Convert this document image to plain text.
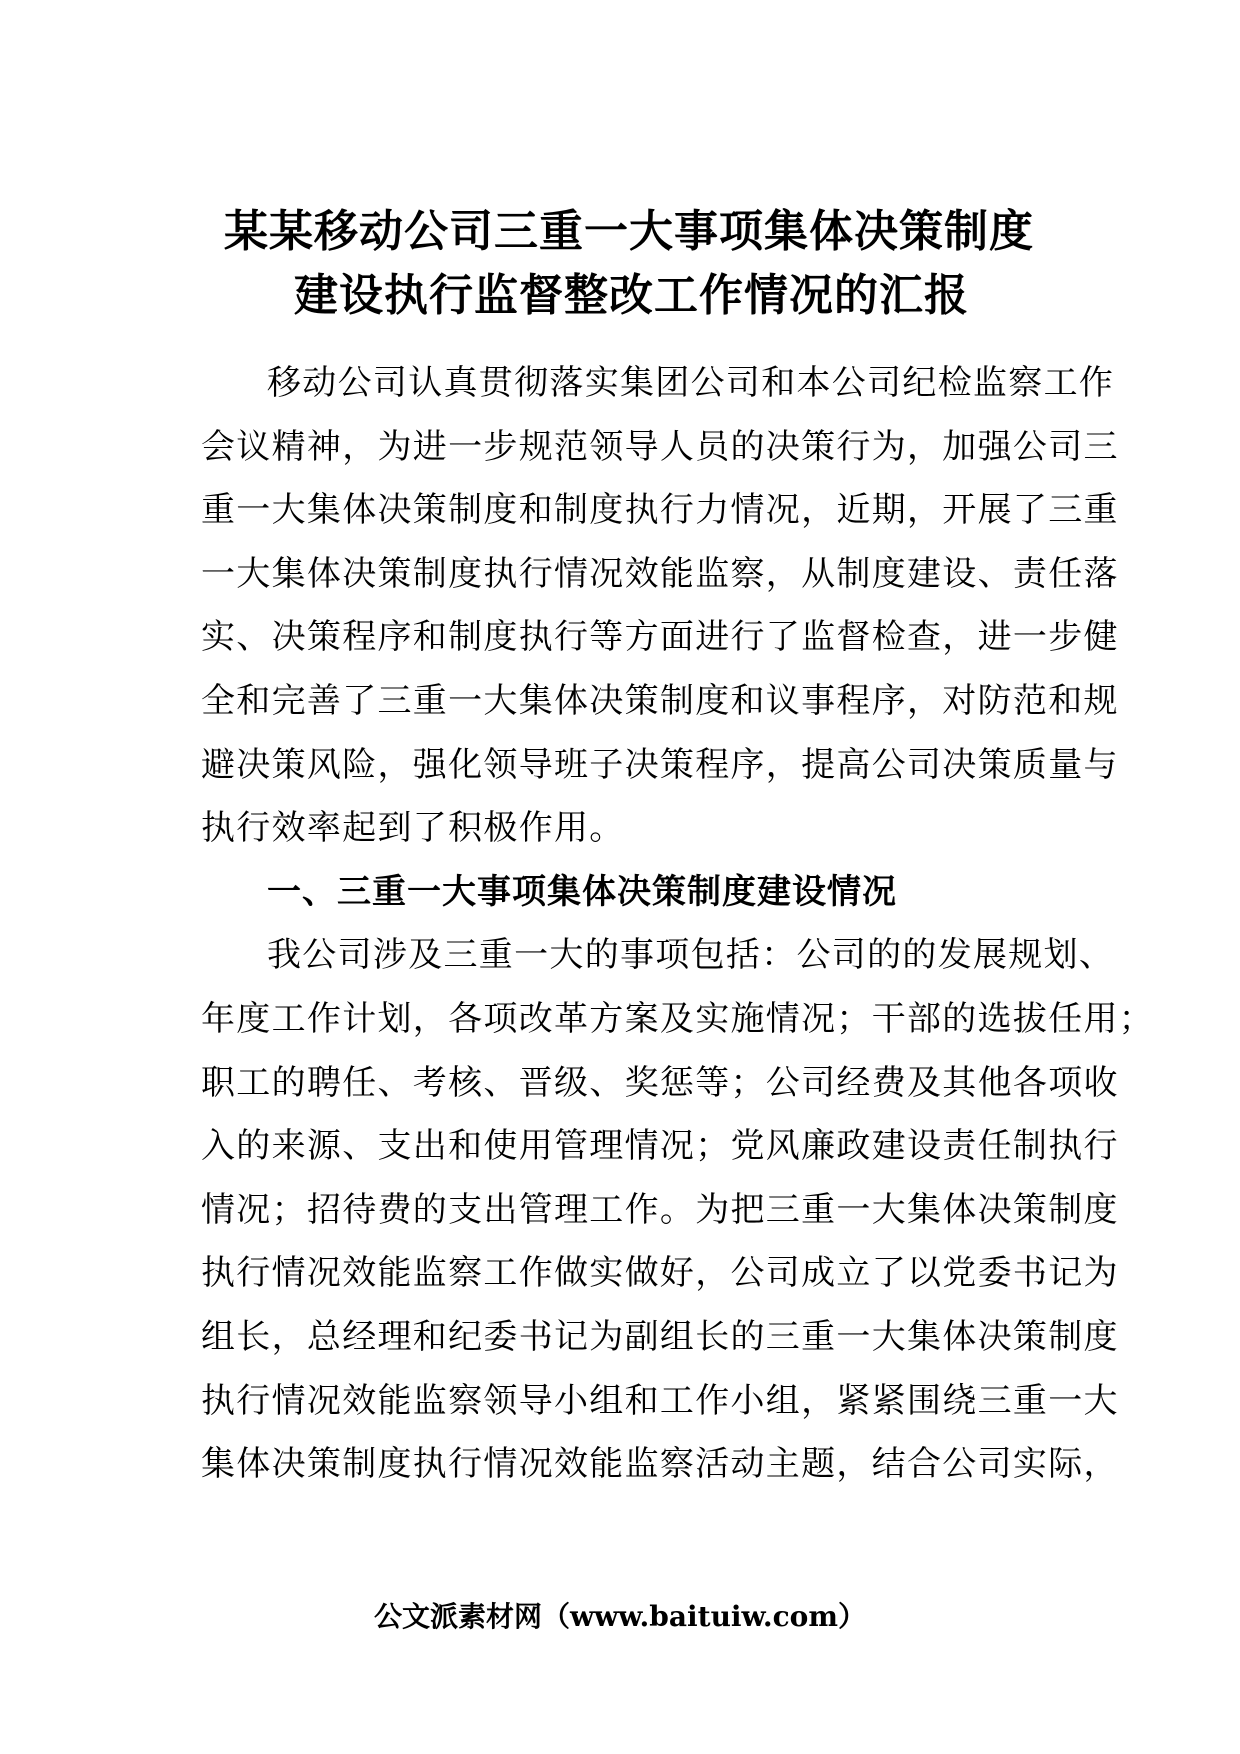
某某移动公司三重一大事项集体决策制度
建设执行监督整改工作情况的汇报
移动公司认真贯彻落实集团公司和本公司纪检监察工作
会议精神，为进一步规范领导人员的决策行为，加强公司三
重一大集体决策制度和制度执行力情况，近期，开展了三重
一大集体决策制度执行情况效能监察，从制度建设、责任落
实、决策程序和制度执行等方面进行了监督检查，进一步健
全和完善了三重一大集体决策制度和议事程序，对防范和规
避决策风险，强化领导班子决策程序，提高公司决策质量与
执行效率起到了积极作用。
一、三重一大事项集体决策制度建设情况
我公司涉及三重一大的事项包括：公司的的发展规划、
年度工作计划，各项改革方案及实施情况；干部的选拔任用；
职工的聘任、考核、晋级、奖惩等；公司经费及其他各项收
入的来源、支出和使用管理情况；党风廉政建设责任制执行
情况；招待费的支出管理工作。为把三重一大集体决策制度
执行情况效能监察工作做实做好，公司成立了以党委书记为
组长，总经理和纪委书记为副组长的三重一大集体决策制度
执行情况效能监察领导小组和工作小组，紧紧围绕三重一大
集体决策制度执行情况效能监察活动主题，结合公司实际，
公文派素材网（www.baituiw.com）
